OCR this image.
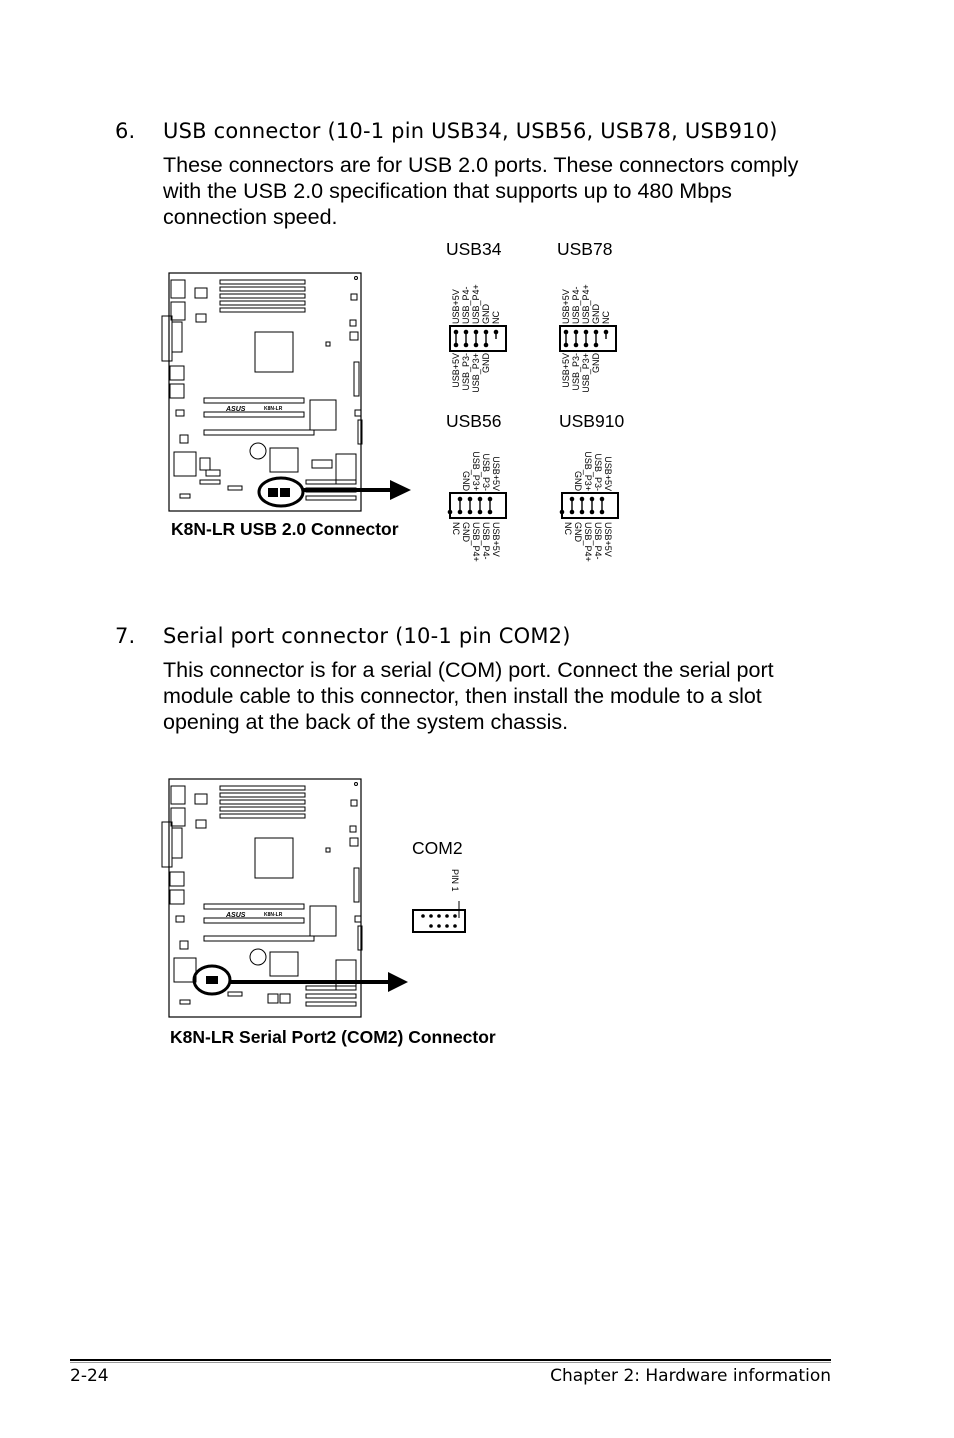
6. USB connector (10-1 pin USB34, USB56, USB78, USB910)
These connectors are for USB 2.0 ports. These connectors comply
with the USB 2.0 specification that supports up to 480 Mbps
connection speed.
ASUS	K8N-LR
K8N-LR USB 2.0 Connector
USB34	USB78
USB56	USB910
USB+5V USB_P4- USB_P4+ GND NC
USB+5V USB_P3- USB_P3+ GND
USB+5V USB_P4- USB_P4+ GND NC
USB+5V USB_P3- USB_P3+ GND
GND USB_P3+ USB_P3- USB+5V
NC GND USB_P4+ USB_P4- USB+5V
GND USB_P3+ USB_P3- USB+5V
NC GND USB_P4+ USB_P4- USB+5V
7. Serial port connector (10-1 pin COM2)
This connector is for a serial (COM) port. Connect the serial port
module cable to this connector, then install the module to a slot
opening at the back of the system chassis.
ASUS	K8N-LR
K8N-LR Serial Port2 (COM2) Connector
COM2
PIN 1
2-24	Chapter 2: Hardware information
